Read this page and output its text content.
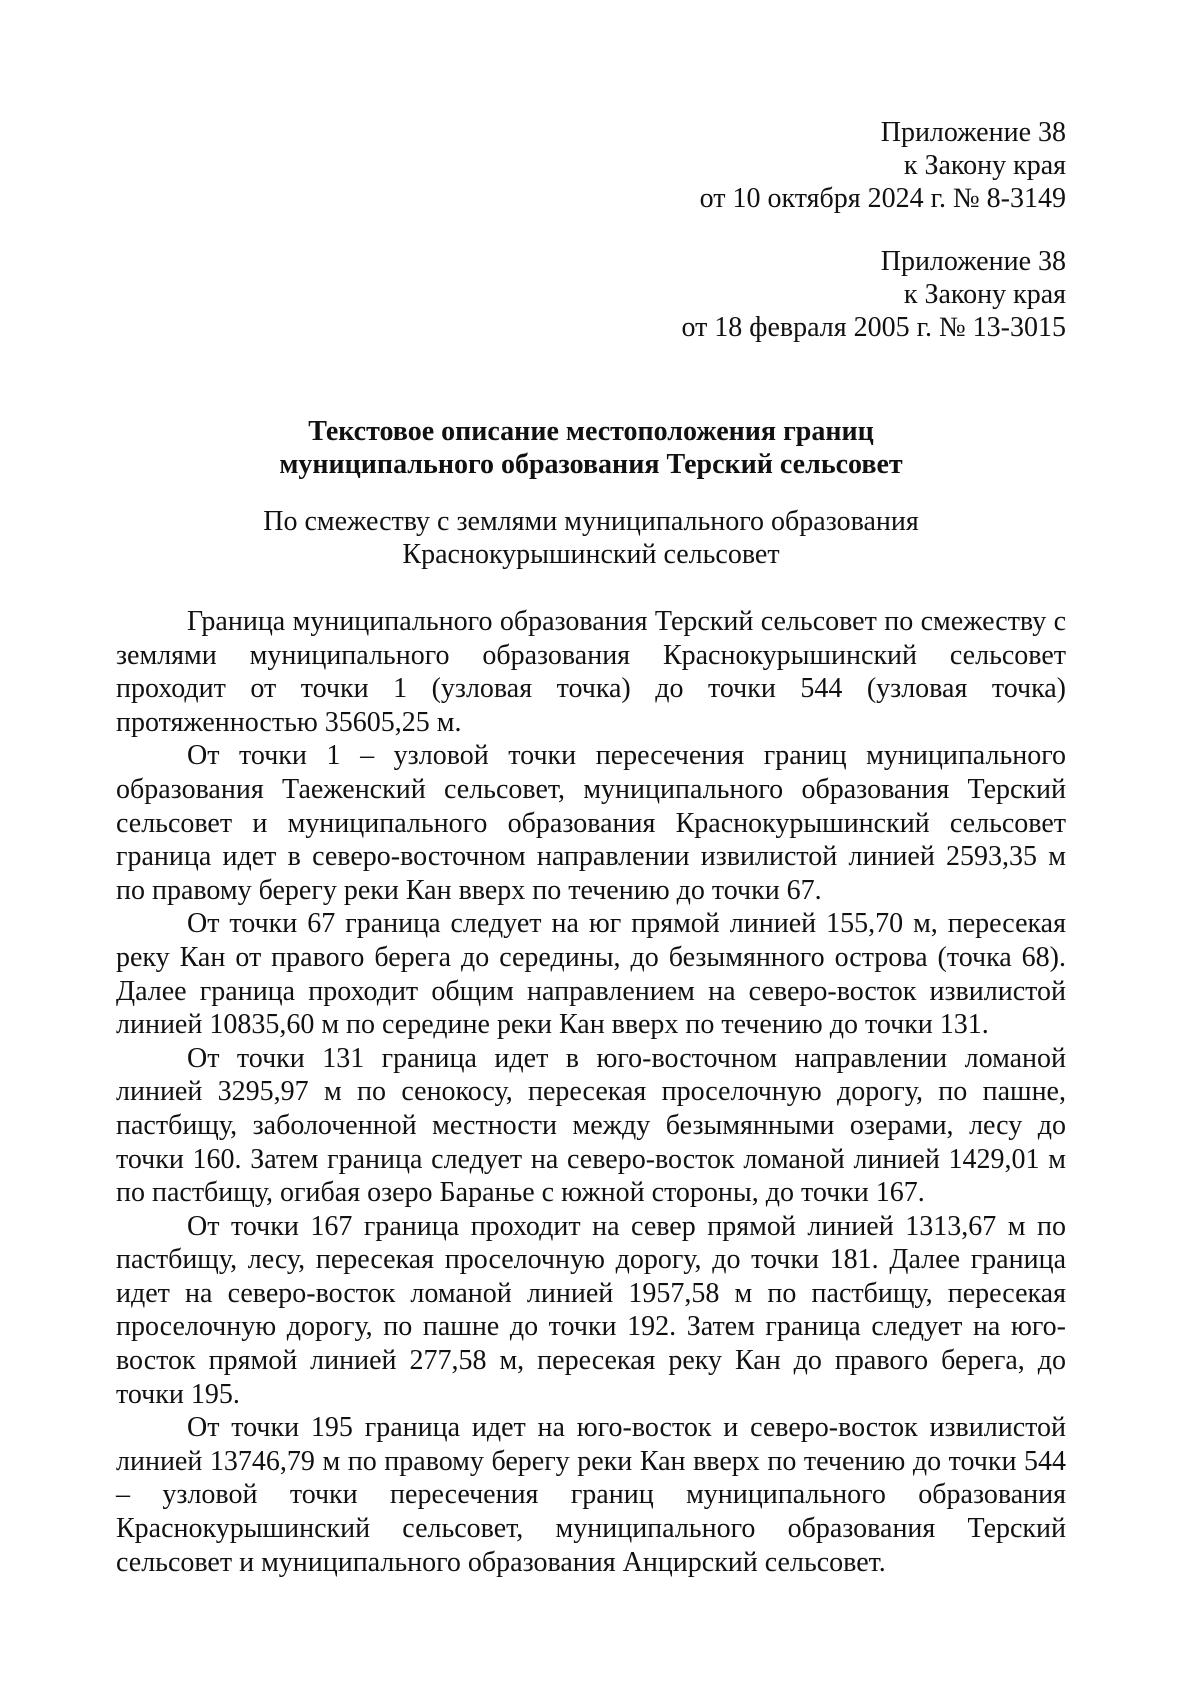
Приложение 38
к Закону края
от 10 октября 2024 г. № 8-3149
Приложение 38
к Закону края
от 18 февраля 2005 г. № 13-3015
Текстовое описание местоположения границ
муниципального образования Терский сельсовет
По смежеству с землями муниципального образования
Краснокурышинский сельсовет

Граница муниципального образования Терский сельсовет по смежеству с землями муниципального образования Краснокурышинский сельсовет проходит от точки 1 (узловая точка) до точки 544 (узловая точка) протяженностью 35605,25 м.

От точки 1 – узловой точки пересечения границ муниципального образования Таеженский сельсовет, муниципального образования Терский сельсовет и муниципального образования Краснокурышинский сельсовет граница идет в северо-восточном направлении извилистой линией 2593,35 м по правому берегу реки Кан вверх по течению до точки 67.

От точки 67 граница следует на юг прямой линией 155,70 м, пересекая реку Кан от правого берега до середины, до безымянного острова (точка 68). Далее граница проходит общим направлением на северо-восток извилистой линией 10835,60 м по середине реки Кан вверх по течению до точки 131.

От точки 131 граница идет в юго-восточном направлении ломаной линией 3295,97 м по сенокосу, пересекая проселочную дорогу, по пашне, пастбищу, заболоченной местности между безымянными озерами, лесу до точки 160. Затем граница следует на северо-восток ломаной линией 1429,01 м по пастбищу, огибая озеро Баранье с южной стороны, до точки 167.

От точки 167 граница проходит на север прямой линией 1313,67 м по пастбищу, лесу, пересекая проселочную дорогу, до точки 181. Далее граница идет на северо-восток ломаной линией 1957,58 м по пастбищу, пересекая проселочную дорогу, по пашне до точки 192. Затем граница следует на юго-восток прямой линией 277,58 м, пересекая реку Кан до правого берега, до точки 195.

От точки 195 граница идет на юго-восток и северо-восток извилистой линией 13746,79 м по правому берегу реки Кан вверх по течению до точки 544 – узловой точки пересечения границ муниципального образования Краснокурышинский сельсовет, муниципального образования Терский сельсовет и муниципального образования Анцирский сельсовет.
